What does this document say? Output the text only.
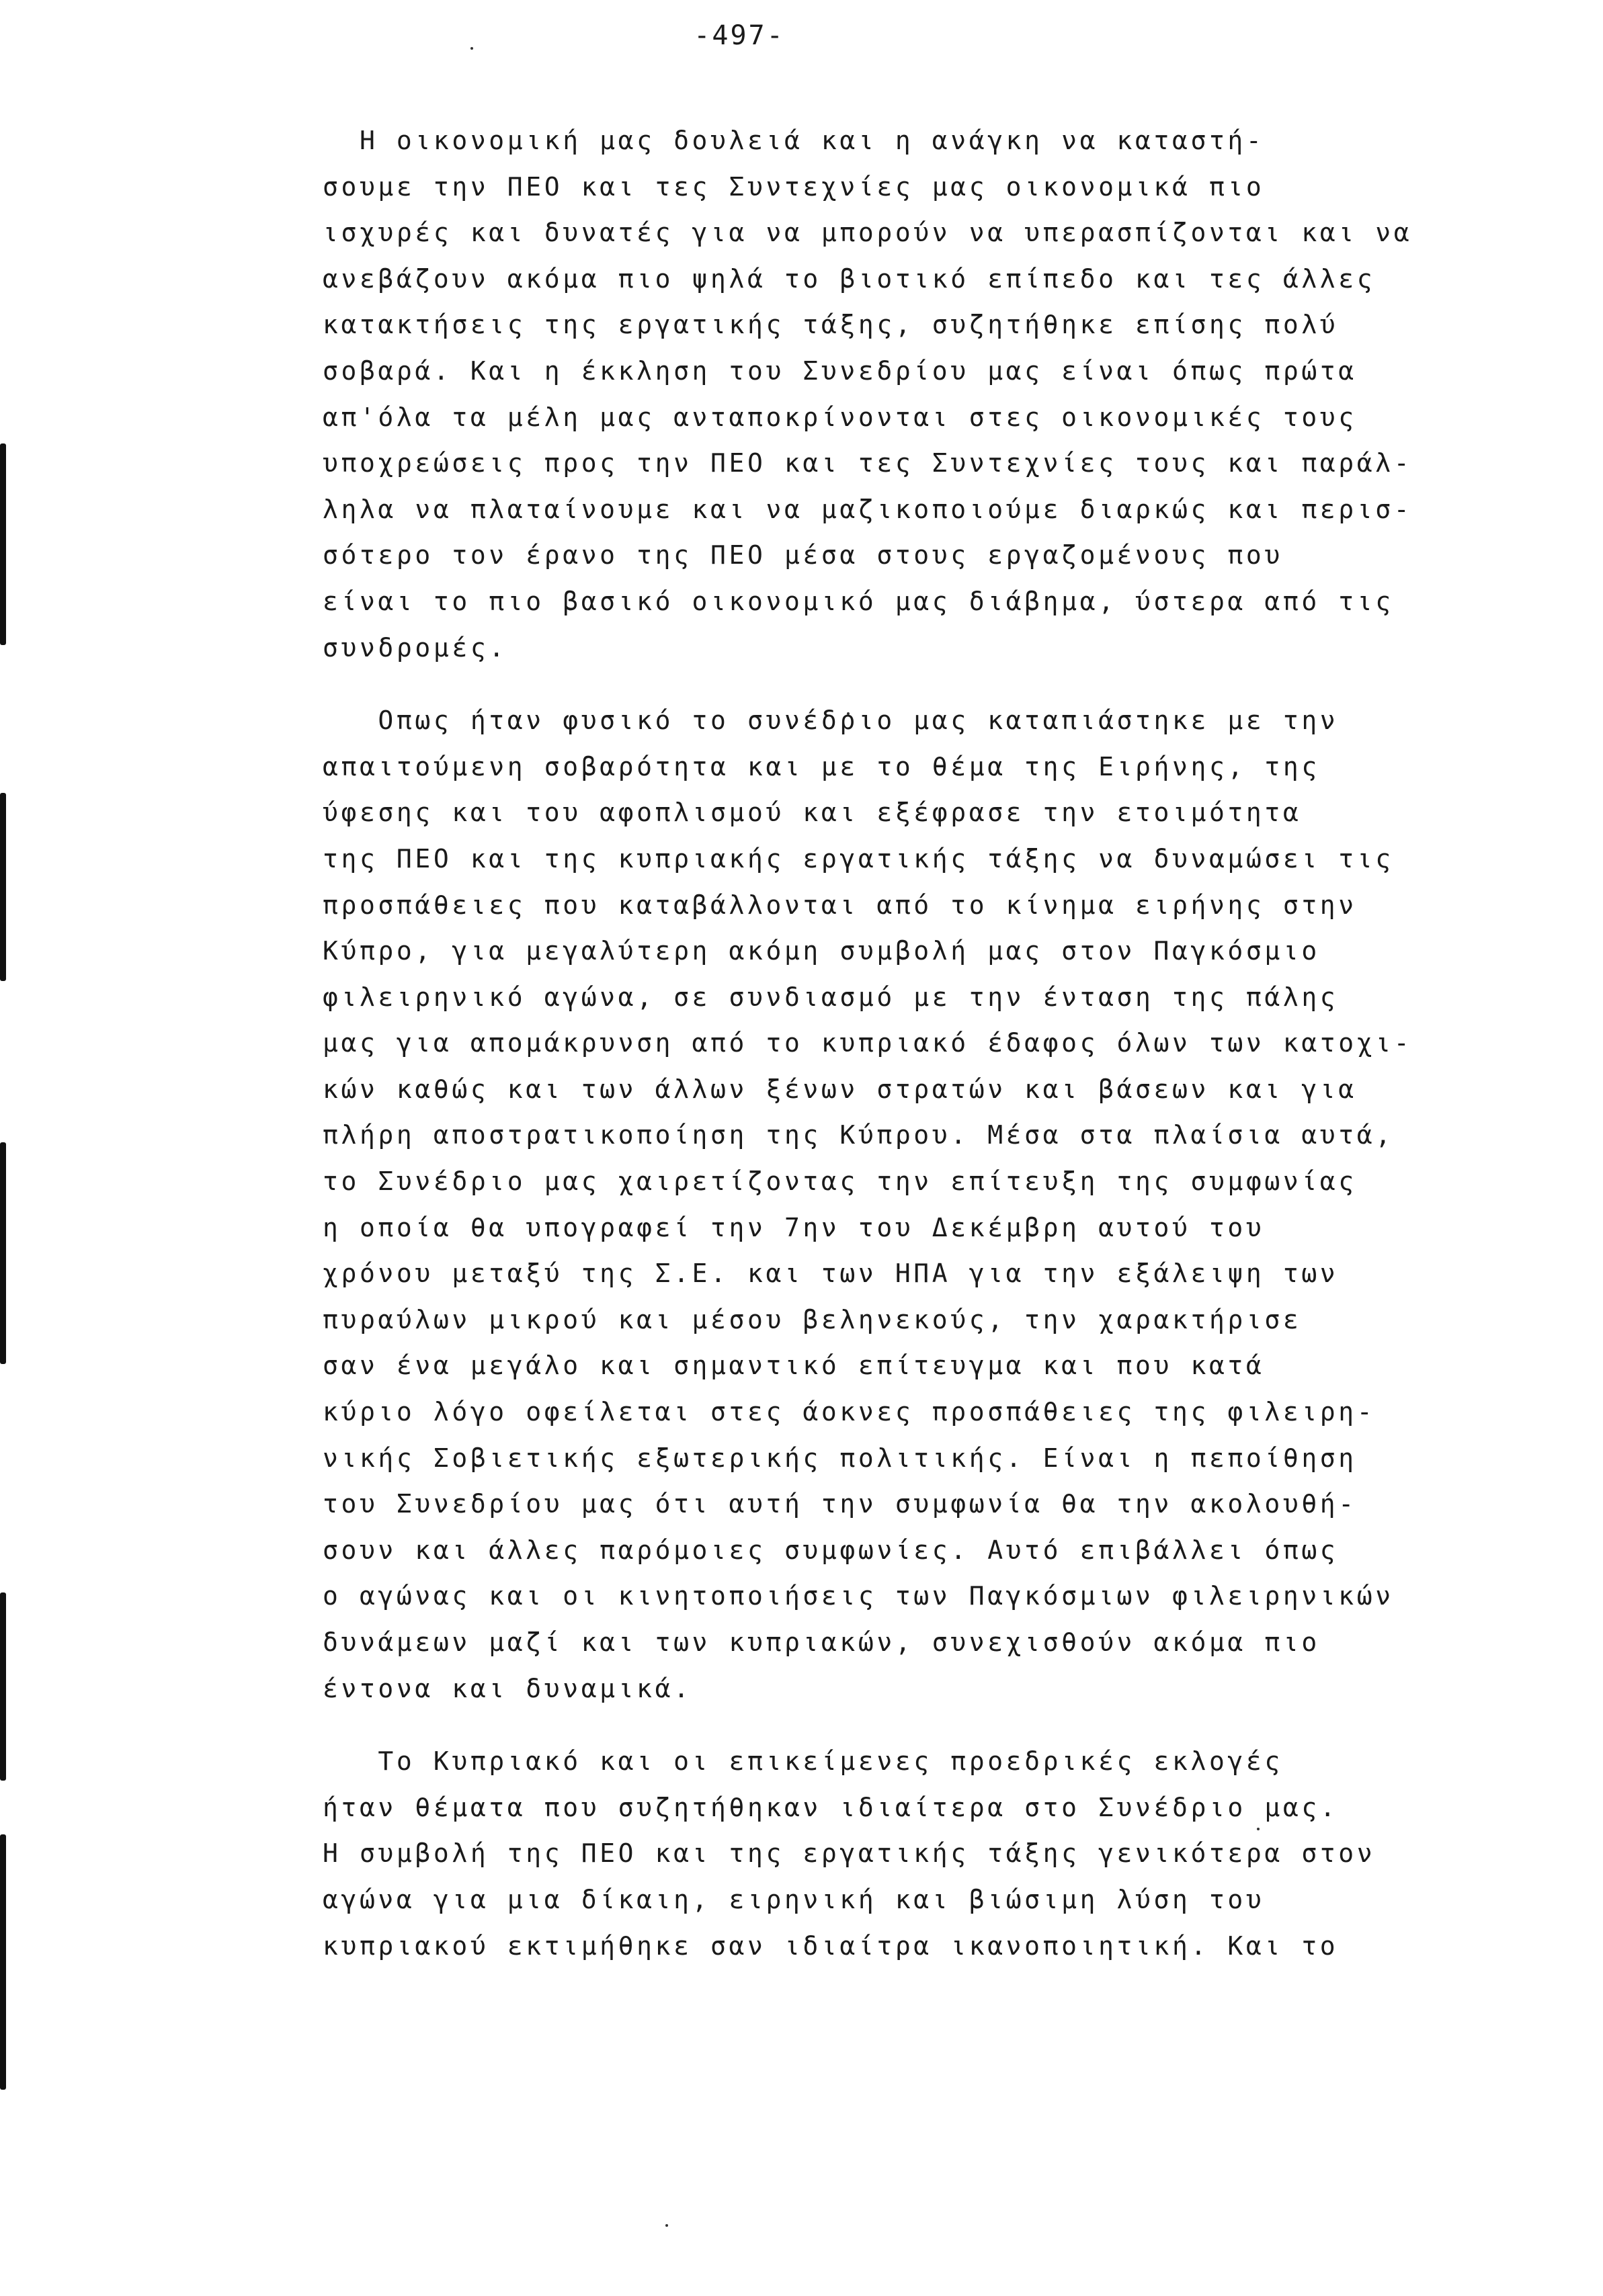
-497-

Η οικονομική μας δουλειά και η ανάγκη να καταστή-
σουμε την ΠΕΟ και τες Συντεχνίες μας οικονομικά πιο
ισχυρές και δυνατές για να μπορούν να υπερασπίζονται και να
ανεβάζουν ακόμα πιο ψηλά το βιοτικό επίπεδο και τες άλλες
κατακτήσεις της εργατικής τάξης, συζητήθηκε επίσης πολύ
σοβαρά. Και η έκκληση του Συνεδρίου μας είναι όπως πρώτα
απ'όλα τα μέλη μας ανταποκρίνονται στες οικονομικές τους
υποχρεώσεις προς την ΠΕΟ και τες Συντεχνίες τους και παράλ-
ληλα να πλαταίνουμε και να μαζικοποιούμε διαρκώς και περισ-
σότερο τον έρανο της ΠΕΟ μέσα στους εργαζομένους που
είναι το πιο βασικό οικονομικό μας διάβημα, ύστερα από τις
συνδρομές.

Οπως ήταν φυσικό το συνέδριο μας καταπιάστηκε με την
απαιτούμενη σοβαρότητα και με το θέμα της Ειρήνης, της
ύφεσης και του αφοπλισμού και εξέφρασε την ετοιμότητα
της ΠΕΟ και της κυπριακής εργατικής τάξης να δυναμώσει τις
προσπάθειες που καταβάλλονται από το κίνημα ειρήνης στην
Κύπρο, για μεγαλύτερη ακόμη συμβολή μας στον Παγκόσμιο
φιλειρηνικό αγώνα, σε συνδιασμό με την ένταση της πάλης
μας για απομάκρυνση από το κυπριακό έδαφος όλων των κατοχι-
κών καθώς και των άλλων ξένων στρατών και βάσεων και για
πλήρη αποστρατικοποίηση της Κύπρου. Μέσα στα πλαίσια αυτά,
το Συνέδριο μας χαιρετίζοντας την επίτευξη της συμφωνίας
η οποία θα υπογραφεί την 7ην του Δεκέμβρη αυτού του
χρόνου μεταξύ της Σ.Ε. και των ΗΠΑ για την εξάλειψη των
πυραύλων μικρού και μέσου βεληνεκούς, την χαρακτήρισε
σαν ένα μεγάλο και σημαντικό επίτευγμα και που κατά
κύριο λόγο οφείλεται στες άοκνες προσπάθειες της φιλειρη-
νικής Σοβιετικής εξωτερικής πολιτικής. Είναι η πεποίθηση
του Συνεδρίου μας ότι αυτή την συμφωνία θα την ακολουθή-
σουν και άλλες παρόμοιες συμφωνίες. Αυτό επιβάλλει όπως
ο αγώνας και οι κινητοποιήσεις των Παγκόσμιων φιλειρηνικών
δυνάμεων μαζί και των κυπριακών, συνεχισθούν ακόμα πιο
έντονα και δυναμικά.

Το Κυπριακό και οι επικείμενες προεδρικές εκλογές
ήταν θέματα που συζητήθηκαν ιδιαίτερα στο Συνέδριο μας.
Η συμβολή της ΠΕΟ και της εργατικής τάξης γενικότερα στον
αγώνα για μια δίκαιη, ειρηνική και βιώσιμη λύση του
κυπριακού εκτιμήθηκε σαν ιδιαίτρα ικανοποιητική. Και το
